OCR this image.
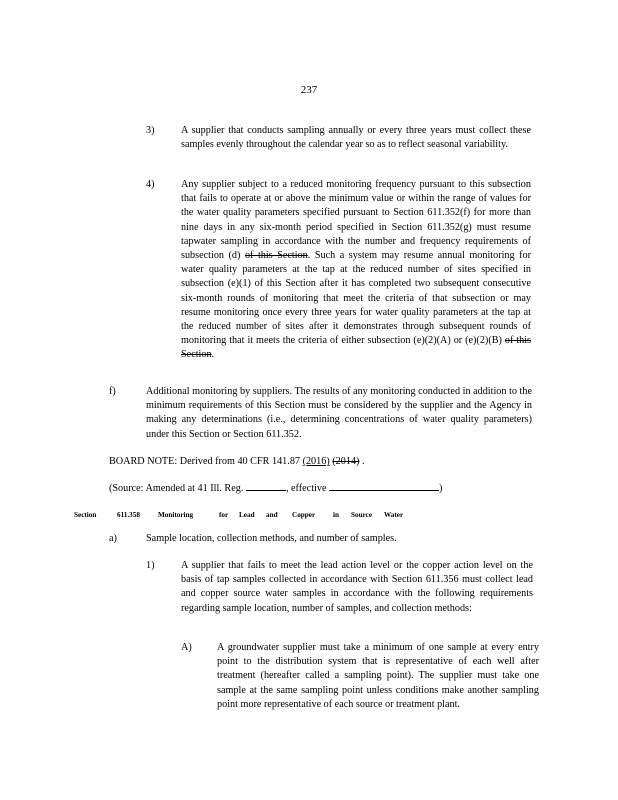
237
3)	A supplier that conducts sampling annually or every three years must collect these samples evenly throughout the calendar year so as to reflect seasonal variability.
4)	Any supplier subject to a reduced monitoring frequency pursuant to this subsection that fails to operate at or above the minimum value or within the range of values for the water quality parameters specified pursuant to Section 611.352(f) for more than nine days in any six-month period specified in Section 611.352(g) must resume tapwater sampling in accordance with the number and frequency requirements of subsection (d) of this Section. Such a system may resume annual monitoring for water quality parameters at the tap at the reduced number of sites specified in subsection (e)(1) of this Section after it has completed two subsequent consecutive six-month rounds of monitoring that meet the criteria of that subsection or may resume monitoring once every three years for water quality parameters at the tap at the reduced number of sites after it demonstrates through subsequent rounds of monitoring that it meets the criteria of either subsection (e)(2)(A) or (e)(2)(B) of this Section.
f)	Additional monitoring by suppliers. The results of any monitoring conducted in addition to the minimum requirements of this Section must be considered by the supplier and the Agency in making any determinations (i.e., determining concentrations of water quality parameters) under this Section or Section 611.352.
BOARD NOTE: Derived from 40 CFR 141.87 (2016) (2014) .
(Source: Amended at 41 Ill. Reg.	, effective	)
Section	611.358	Monitoring	for Lead and Copper in Source Water
a)	Sample location, collection methods, and number of samples.
1)	A supplier that fails to meet the lead action level or the copper action level on the basis of tap samples collected in accordance with Section 611.356 must collect lead and copper source water samples in accordance with the following requirements regarding sample location, number of samples, and collection methods:
A) A groundwater supplier must take a minimum of one sample at every entry point to the distribution system that is representative of each well after treatment (hereafter called a sampling point). The supplier must take one sample at the same sampling point unless conditions make another sampling point more representative of each source or treatment plant.
